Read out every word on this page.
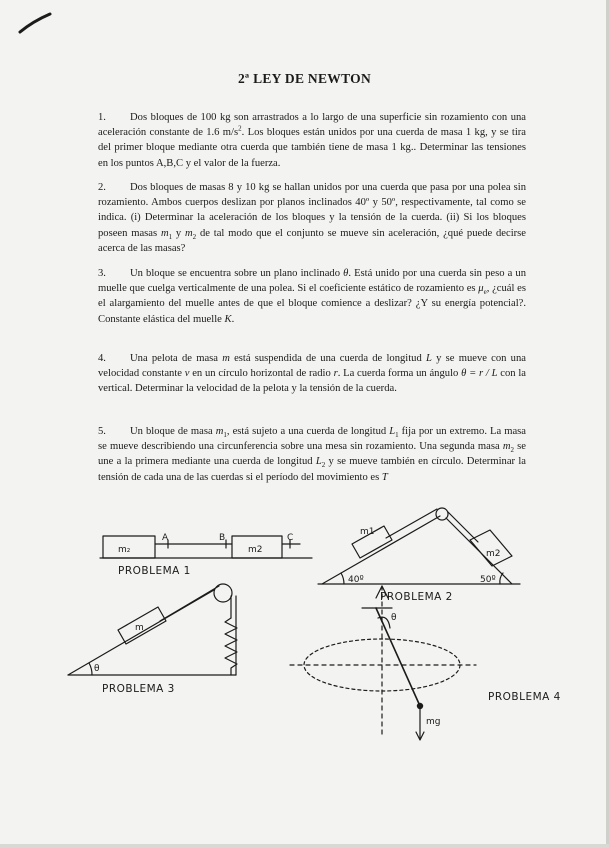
2ª LEY DE NEWTON
1. Dos bloques de 100 kg son arrastrados a lo largo de una superficie sin rozamiento con una aceleración constante de 1.6 $m/s^2$. Los bloques están unidos por una cuerda de masa 1 kg, y se tira del primer bloque mediante otra cuerda que también tiene de masa 1 kg.. Determinar las tensiones en los puntos A,B,C y el valor de la fuerza.
2. Dos bloques de masas 8 y 10 kg se hallan unidos por una cuerda que pasa por una polea sin rozamiento. Ambos cuerpos deslizan por planos inclinados 40º y 50º, respectivamente, tal como se indica. (i) Determinar la aceleración de los bloques y la tensión de la cuerda. (ii) Si los bloques poseen masas $m_1$ y $m_2$ de tal modo que el conjunto se mueve sin aceleración, ¿qué puede decirse acerca de las masas?
3. Un bloque se encuentra sobre un plano inclinado θ. Está unido por una cuerda sin peso a un muelle que cuelga verticalmente de una polea. Si el coeficiente estático de rozamiento es $\mu_e$, ¿cuál es el alargamiento del muelle antes de que el bloque comience a deslizar? ¿Y su energía potencial?. Constante elástica del muelle K.
4. Una pelota de masa m está suspendida de una cuerda de longitud L y se mueve con una velocidad constante v en un círculo horizontal de radio r. La cuerda forma un ángulo θ = r / L con la vertical. Determinar la velocidad de la pelota y la tensión de la cuerda.
5. Un bloque de masa $m_1$, está sujeto a una cuerda de longitud $L_1$ fija por un extremo. La masa se mueve describiendo una circunferencia sobre una mesa sin rozamiento. Una segunda masa $m_2$ se une a la primera mediante una cuerda de longitud $L_2$ y se mueve también en círculo. Determinar la tensión de cada una de las cuerdas si el período del movimiento es T
m₂
A	B
m2
C
PROBLEMA 1
m1
m2
40º	50º
PROBLEMA 2
m
θ
PROBLEMA 3
θ
mg
PROBLEMA 4
